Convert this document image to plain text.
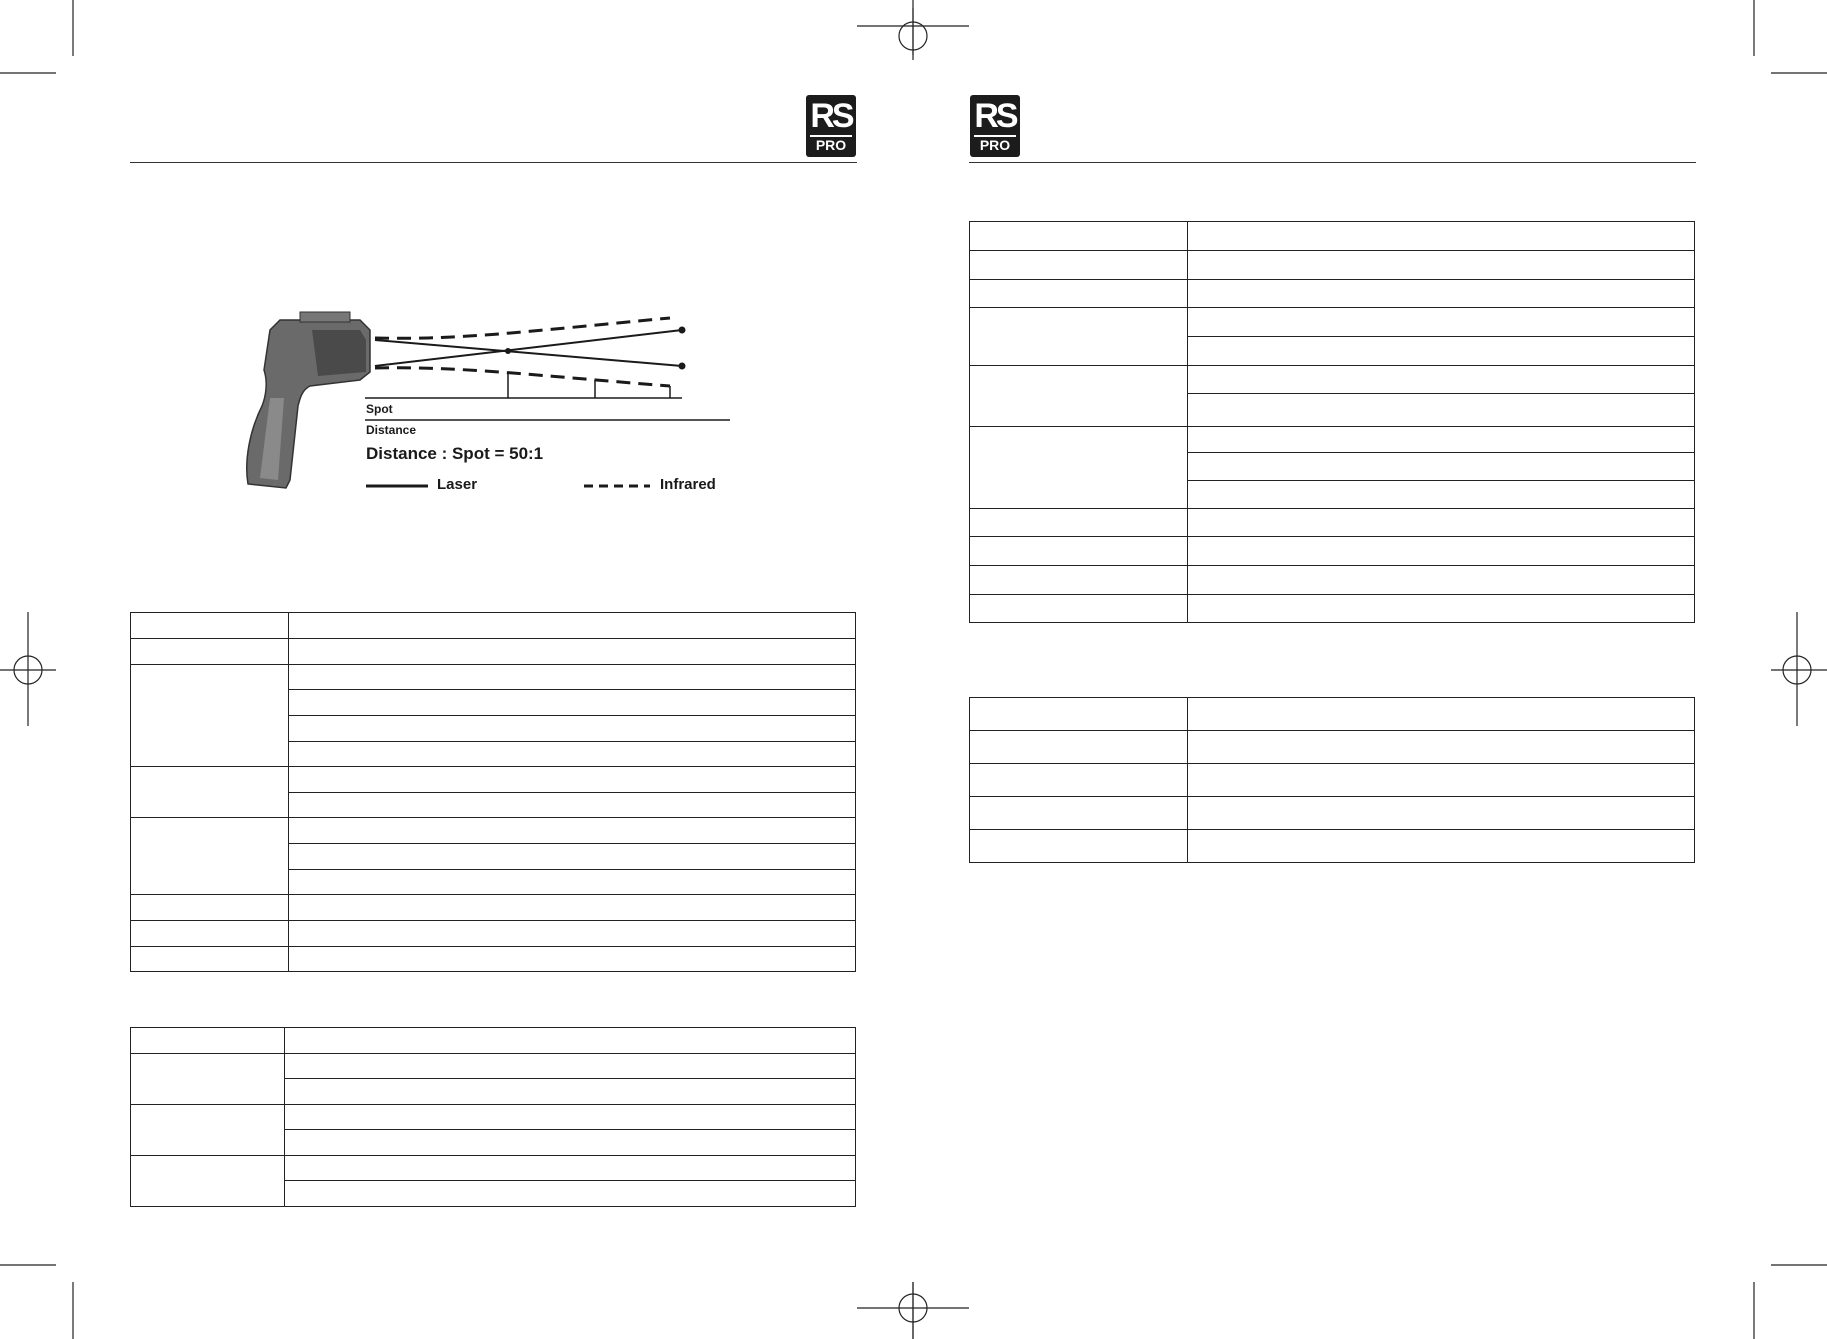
RS
PRO
RS
PRO
Spot
Distance
Distance : Spot = 50:1
Laser	Infrared
